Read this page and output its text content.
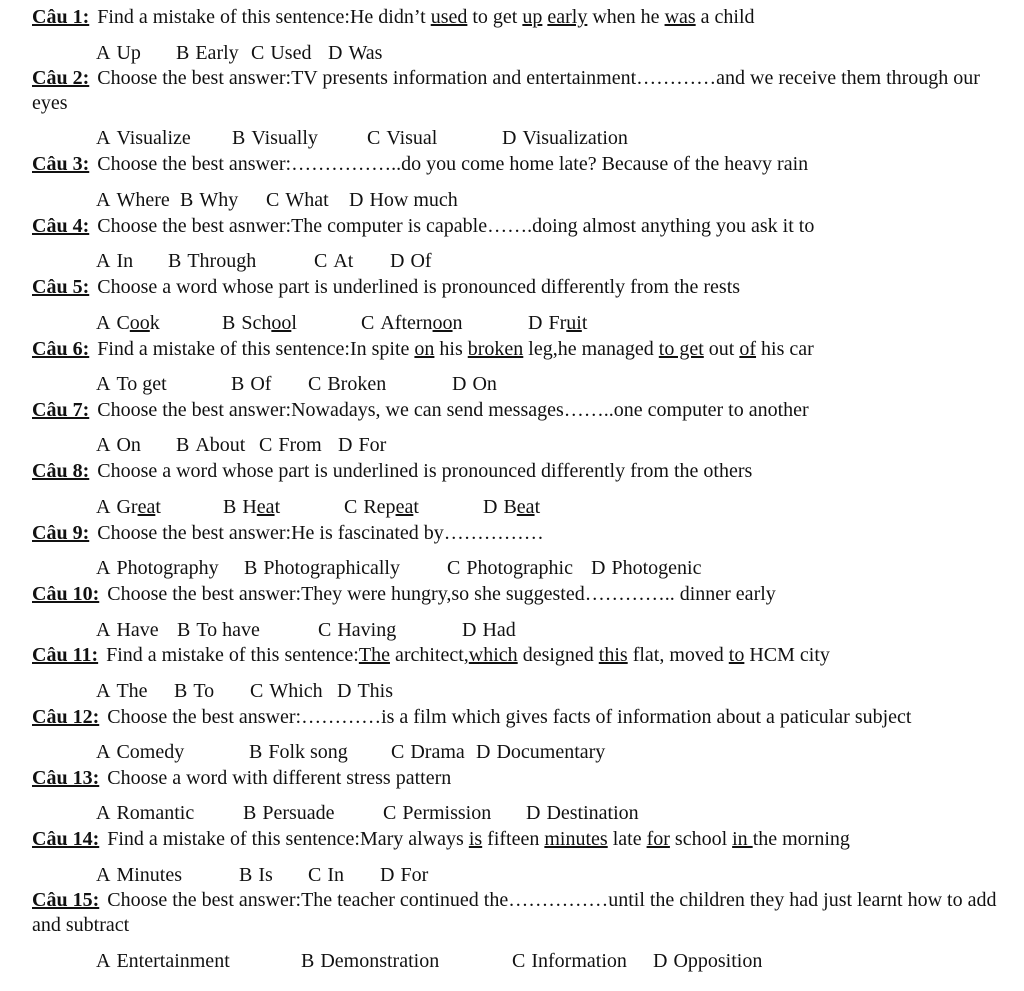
Câu 1: Find a mistake of this sentence:He didn’t used to get up early when he was a child
A Up B Early C Used D Was
Câu 2: Choose the best answer:TV presents information and entertainment…………and we receive them through our eyes
A Visualize B Visually C Visual	D Visualization
Câu 3: Choose the best answer:……………..do you come home late? Because of the heavy rain
A Where B Why C What D How much
Câu 4: Choose the best asnwer:The computer is capable…….doing almost anything you ask it to
A In B Through	C At D Of
Câu 5: Choose a word whose part is underlined is pronounced differently from the rests
A Cook	B School	C Afternoon	D Fruit
Câu 6: Find a mistake of this sentence:In spite on his broken leg,he managed to get out of his car
A To get	B Of C Broken	D On
Câu 7: Choose the best answer:Nowadays, we can send messages……..one computer to another
A On B About C From D For
Câu 8: Choose a word whose part is underlined is pronounced differently from the others
A Great	B Heat	C Repeat	D Beat
Câu 9: Choose the best answer:He is fascinated by……………
A Photography B Photographically C Photographic D Photogenic
Câu 10: Choose the best answer:They were hungry,so she suggested………….. dinner early
A Have B To have	C Having	D Had
Câu 11: Find a mistake of this sentence:The architect,which designed this flat, moved to HCM city
A The B To C Which D This
Câu 12: Choose the best answer:…………is a film which gives facts of information about a paticular subject
A Comedy	B Folk song C Drama D Documentary
Câu 13: Choose a word with different stress pattern
A Romantic B Persuade C Permission D Destination
Câu 14: Find a mistake of this sentence:Mary always is fifteen minutes late for school in the morning
A Minutes	B Is C In D For
Câu 15: Choose the best answer:The teacher continued the……………until the children they had just learnt how to add and subtract
A Entertainment	B Demonstration	C Information D Opposition
